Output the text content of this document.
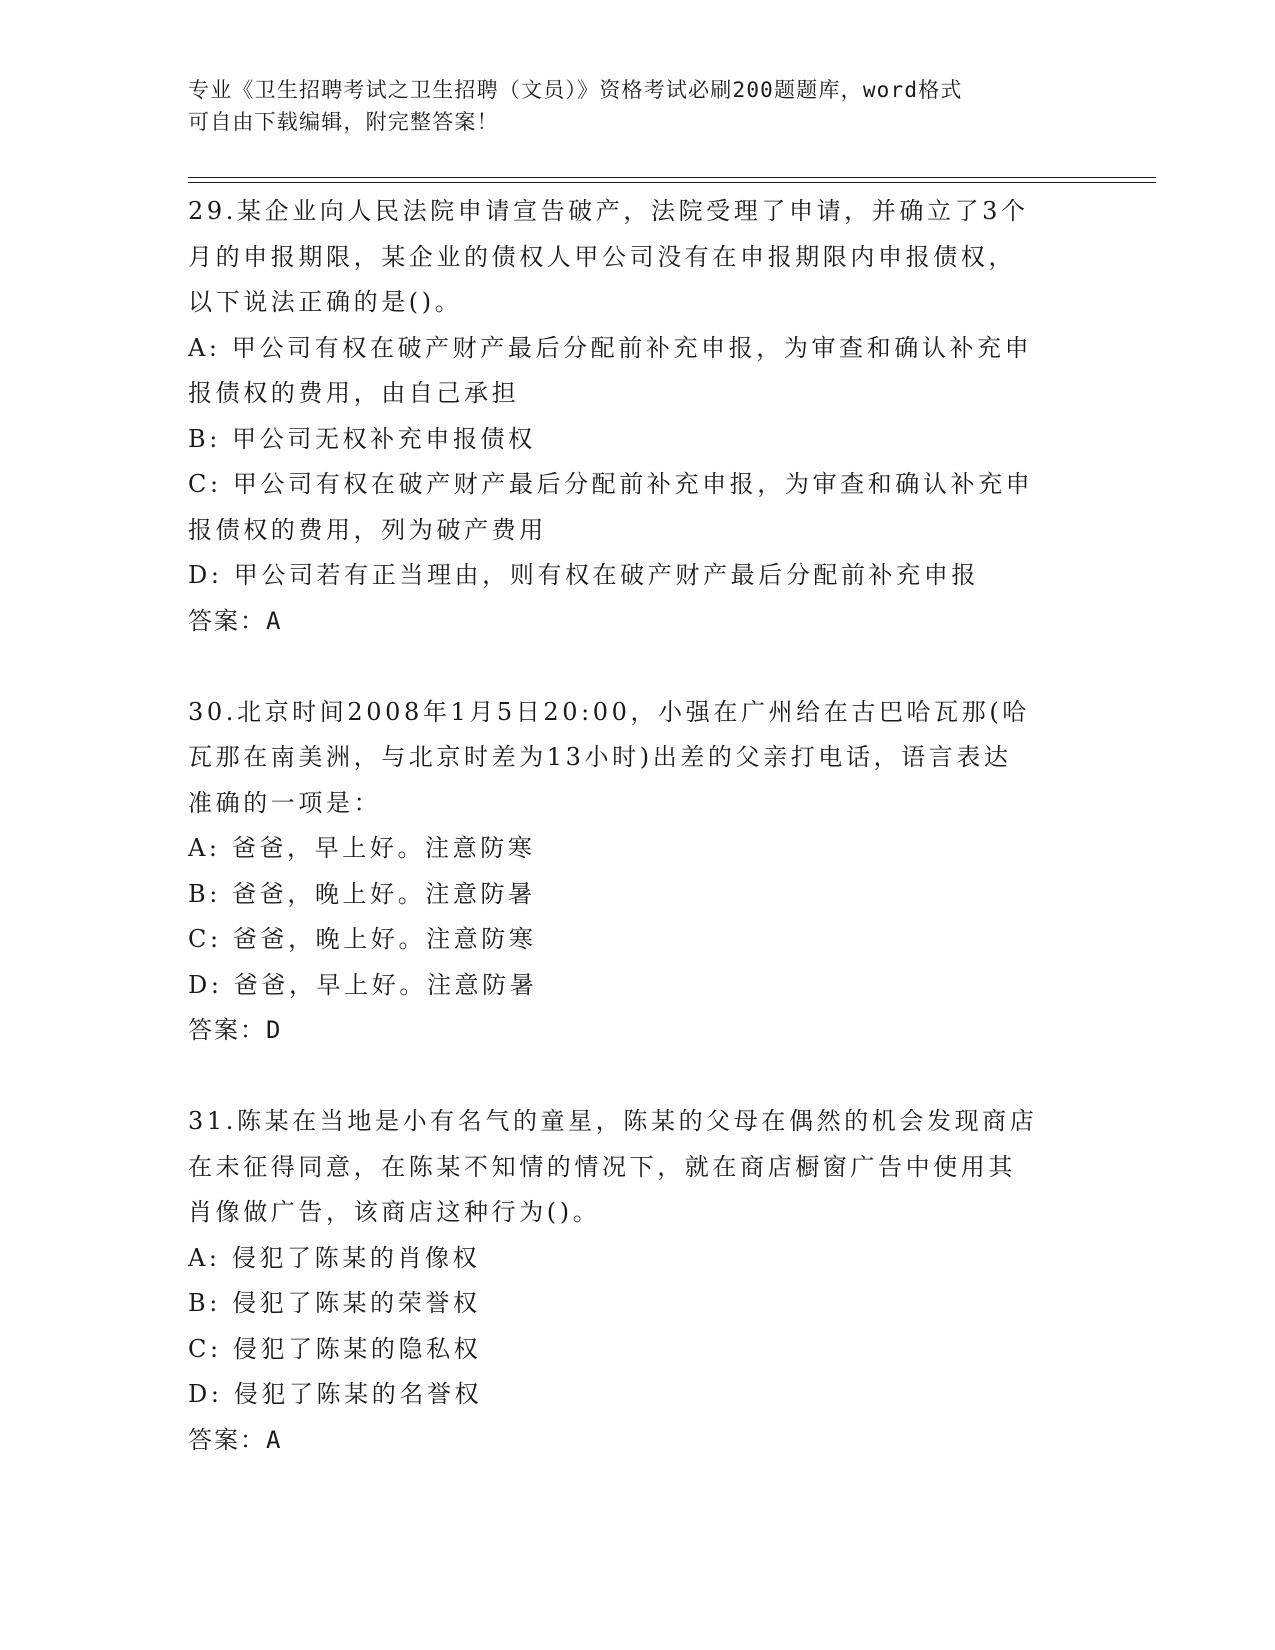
专业《卫生招聘考试之卫生招聘（文员）》资格考试必刷200题题库，word格式
可自由下载编辑，附完整答案！
29.某企业向人民法院申请宣告破产，法院受理了申请，并确立了3个
月的申报期限，某企业的债权人甲公司没有在申报期限内申报债权，
以下说法正确的是()。
A: 甲公司有权在破产财产最后分配前补充申报，为审查和确认补充申
报债权的费用，由自己承担
B: 甲公司无权补充申报债权
C: 甲公司有权在破产财产最后分配前补充申报，为审查和确认补充申
报债权的费用，列为破产费用
D: 甲公司若有正当理由，则有权在破产财产最后分配前补充申报
答案：A
30.北京时间2008年1月5日20:00，小强在广州给在古巴哈瓦那(哈
瓦那在南美洲，与北京时差为13小时)出差的父亲打电话，语言表达
准确的一项是：
A: 爸爸，早上好。注意防寒
B: 爸爸，晚上好。注意防暑
C: 爸爸，晚上好。注意防寒
D: 爸爸，早上好。注意防暑
答案：D
31.陈某在当地是小有名气的童星，陈某的父母在偶然的机会发现商店
在未征得同意，在陈某不知情的情况下，就在商店橱窗广告中使用其
肖像做广告，该商店这种行为()。
A: 侵犯了陈某的肖像权
B: 侵犯了陈某的荣誉权
C: 侵犯了陈某的隐私权
D: 侵犯了陈某的名誉权
答案：A
